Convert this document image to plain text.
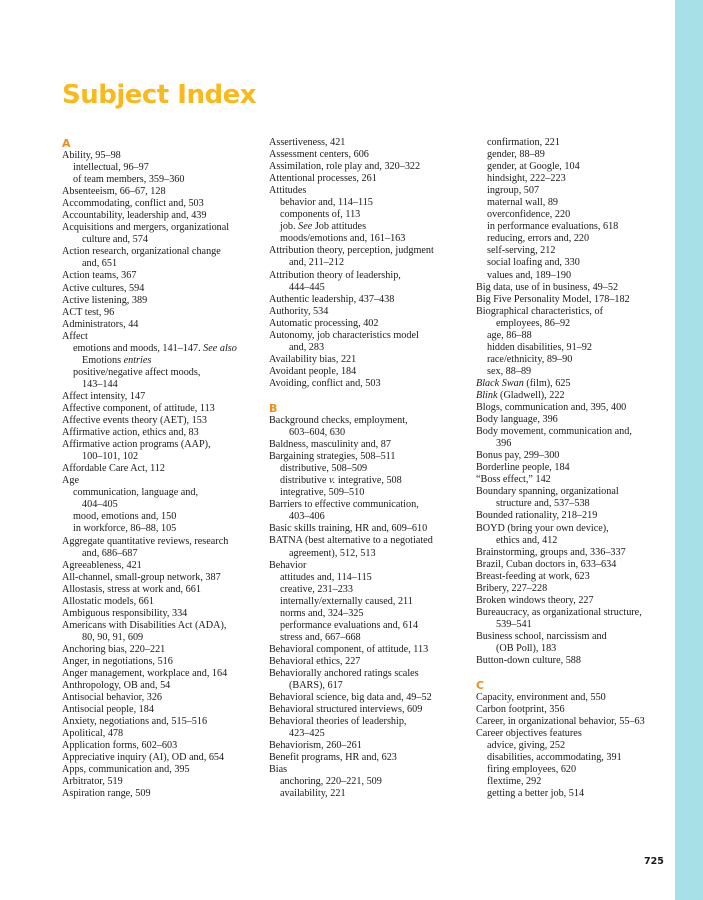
Subject Index
A
Ability, 95–98
intellectual, 96–97
of team members, 359–360
Absenteeism, 66–67, 128
Accommodating, conflict and, 503
Accountability, leadership and, 439
Acquisitions and mergers, organizational
culture and, 574
Action research, organizational change
and, 651
Action teams, 367
Active cultures, 594
Active listening, 389
ACT test, 96
Administrators, 44
Affect
emotions and moods, 141–147. See also
Emotions entries
positive/negative affect moods,
143–144
Affect intensity, 147
Affective component, of attitude, 113
Affective events theory (AET), 153
Affirmative action, ethics and, 83
Affirmative action programs (AAP),
100–101, 102
Affordable Care Act, 112
Age
communication, language and,
404–405
mood, emotions and, 150
in workforce, 86–88, 105
Aggregate quantitative reviews, research
and, 686–687
Agreeableness, 421
All-channel, small-group network, 387
Allostasis, stress at work and, 661
Allostatic models, 661
Ambiguous responsibility, 334
Americans with Disabilities Act (ADA),
80, 90, 91, 609
Anchoring bias, 220–221
Anger, in negotiations, 516
Anger management, workplace and, 164
Anthropology, OB and, 54
Antisocial behavior, 326
Antisocial people, 184
Anxiety, negotiations and, 515–516
Apolitical, 478
Application forms, 602–603
Appreciative inquiry (AI), OD and, 654
Apps, communication and, 395
Arbitrator, 519
Aspiration range, 509
Assertiveness, 421
Assessment centers, 606
Assimilation, role play and, 320–322
Attentional processes, 261
Attitudes
behavior and, 114–115
components of, 113
job. See Job attitudes
moods/emotions and, 161–163
Attribution theory, perception, judgment
and, 211–212
Attribution theory of leadership,
444–445
Authentic leadership, 437–438
Authority, 534
Automatic processing, 402
Autonomy, job characteristics model
and, 283
Availability bias, 221
Avoidant people, 184
Avoiding, conflict and, 503
B
Background checks, employment,
603–604, 630
Baldness, masculinity and, 87
Bargaining strategies, 508–511
distributive, 508–509
distributive v. integrative, 508
integrative, 509–510
Barriers to effective communication,
403–406
Basic skills training, HR and, 609–610
BATNA (best alternative to a negotiated
agreement), 512, 513
Behavior
attitudes and, 114–115
creative, 231–233
internally/externally caused, 211
norms and, 324–325
performance evaluations and, 614
stress and, 667–668
Behavioral component, of attitude, 113
Behavioral ethics, 227
Behaviorally anchored ratings scales
(BARS), 617
Behavioral science, big data and, 49–52
Behavioral structured interviews, 609
Behavioral theories of leadership,
423–425
Behaviorism, 260–261
Benefit programs, HR and, 623
Bias
anchoring, 220–221, 509
availability, 221
confirmation, 221
gender, 88–89
gender, at Google, 104
hindsight, 222–223
ingroup, 507
maternal wall, 89
overconfidence, 220
in performance evaluations, 618
reducing, errors and, 220
self-serving, 212
social loafing and, 330
values and, 189–190
Big data, use of in business, 49–52
Big Five Personality Model, 178–182
Biographical characteristics, of
employees, 86–92
age, 86–88
hidden disabilities, 91–92
race/ethnicity, 89–90
sex, 88–89
Black Swan (film), 625
Blink (Gladwell), 222
Blogs, communication and, 395, 400
Body language, 396
Body movement, communication and,
396
Bonus pay, 299–300
Borderline people, 184
“Boss effect,” 142
Boundary spanning, organizational
structure and, 537–538
Bounded rationality, 218–219
BOYD (bring your own device),
ethics and, 412
Brainstorming, groups and, 336–337
Brazil, Cuban doctors in, 633–634
Breast-feeding at work, 623
Bribery, 227–228
Broken windows theory, 227
Bureaucracy, as organizational structure,
539–541
Business school, narcissism and
(OB Poll), 183
Button-down culture, 588
C
Capacity, environment and, 550
Carbon footprint, 356
Career, in organizational behavior, 55–63
Career objectives features
advice, giving, 252
disabilities, accommodating, 391
firing employees, 620
flextime, 292
getting a better job, 514
725
